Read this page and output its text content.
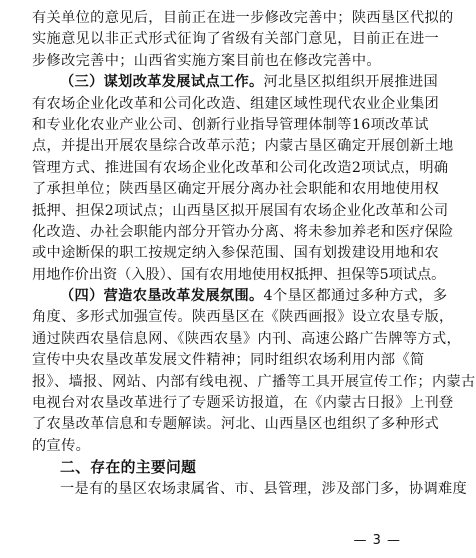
有关单位的意见后，目前正在进一步修改完善中；陕西垦区代拟的
实施意见以非正式形式征询了省级有关部门意见，目前正在进一
步修改完善中；山西省实施方案目前也在修改完善中。
（三）谋划改革发展试点工作。河北垦区拟组织开展推进国
有农场企业化改革和公司化改造、组建区域性现代农业企业集团
和专业化农业产业公司、创新行业指导管理体制等16项改革试
点，并提出开展农垦综合改革示范；内蒙古垦区确定开展创新土地
管理方式、推进国有农场企业化改革和公司化改造2项试点，明确
了承担单位；陕西垦区确定开展分离办社会职能和农用地使用权
抵押、担保2项试点；山西垦区拟开展国有农场企业化改革和公司
化改造、办社会职能内部分开管办分离、将未参加养老和医疗保险
或中途断保的职工按规定纳入参保范围、国有划拨建设用地和农
用地作价出资（入股）、国有农用地使用权抵押、担保等5项试点。
（四）营造农垦改革发展氛围。4个垦区都通过多种方式，多
角度、多形式加强宣传。陕西垦区在《陕西画报》设立农垦专版，
通过陕西农垦信息网、《陕西农垦》内刊、高速公路广告牌等方式，
宣传中央农垦改革发展文件精神；同时组织农场利用内部《简
报》、墙报、网站、内部有线电视、广播等工具开展宣传工作；内蒙古
电视台对农垦改革进行了专题采访报道，在《内蒙古日报》上刊登
了农垦改革信息和专题解读。河北、山西垦区也组织了多种形式
的宣传。
二、存在的主要问题
一是有的垦区农场隶属省、市、县管理，涉及部门多，协调难度
— 3 —
